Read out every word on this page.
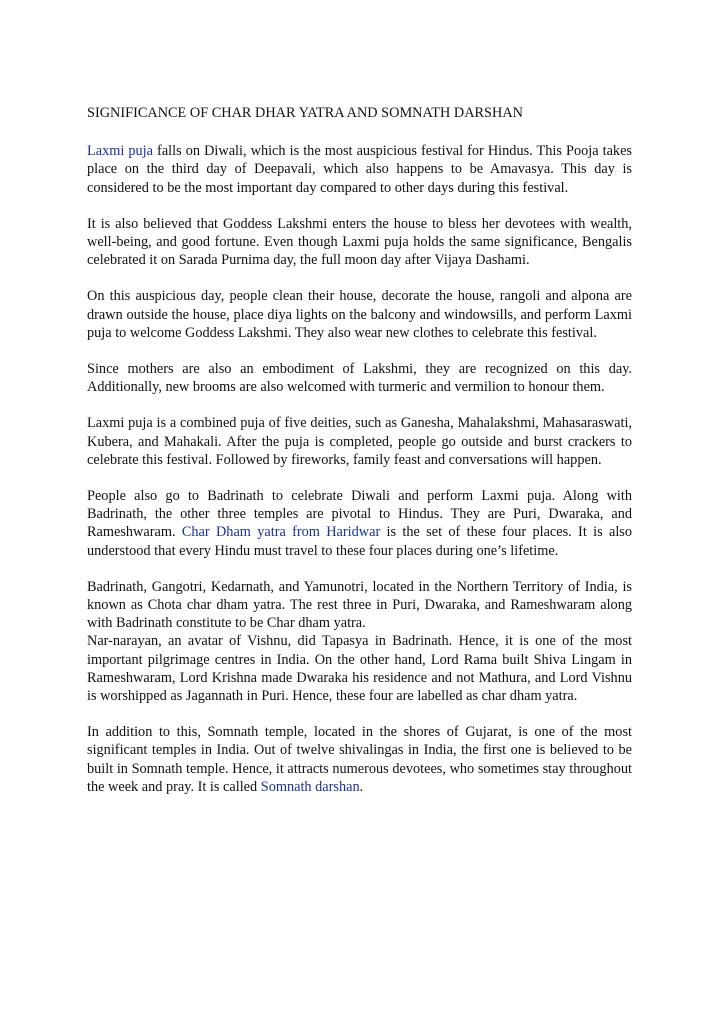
SIGNIFICANCE OF CHAR DHAR YATRA AND SOMNATH DARSHAN

Laxmi puja falls on Diwali, which is the most auspicious festival for Hindus. This Pooja takes place on the third day of Deepavali, which also happens to be Amavasya. This day is considered to be the most important day compared to other days during this festival.

It is also believed that Goddess Lakshmi enters the house to bless her devotees with wealth, well-being, and good fortune. Even though Laxmi puja holds the same significance, Bengalis celebrated it on Sarada Purnima day, the full moon day after Vijaya Dashami.

On this auspicious day, people clean their house, decorate the house, rangoli and alpona are drawn outside the house, place diya lights on the balcony and windowsills, and perform Laxmi puja to welcome Goddess Lakshmi. They also wear new clothes to celebrate this festival.

Since mothers are also an embodiment of Lakshmi, they are recognized on this day. Additionally, new brooms are also welcomed with turmeric and vermilion to honour them.

Laxmi puja is a combined puja of five deities, such as Ganesha, Mahalakshmi, Mahasaraswati, Kubera, and Mahakali. After the puja is completed, people go outside and burst crackers to celebrate this festival. Followed by fireworks, family feast and conversations will happen.

People also go to Badrinath to celebrate Diwali and perform Laxmi puja. Along with Badrinath, the other three temples are pivotal to Hindus. They are Puri, Dwaraka, and Rameshwaram. Char Dham yatra from Haridwar is the set of these four places. It is also understood that every Hindu must travel to these four places during one’s lifetime.

Badrinath, Gangotri, Kedarnath, and Yamunotri, located in the Northern Territory of India, is known as Chota char dham yatra. The rest three in Puri, Dwaraka, and Rameshwaram along with Badrinath constitute to be Char dham yatra.

Nar-narayan, an avatar of Vishnu, did Tapasya in Badrinath. Hence, it is one of the most important pilgrimage centres in India. On the other hand, Lord Rama built Shiva Lingam in Rameshwaram, Lord Krishna made Dwaraka his residence and not Mathura, and Lord Vishnu is worshipped as Jagannath in Puri. Hence, these four are labelled as char dham yatra.

In addition to this, Somnath temple, located in the shores of Gujarat, is one of the most significant temples in India. Out of twelve shivalingas in India, the first one is believed to be built in Somnath temple. Hence, it attracts numerous devotees, who sometimes stay throughout the week and pray. It is called Somnath darshan.
